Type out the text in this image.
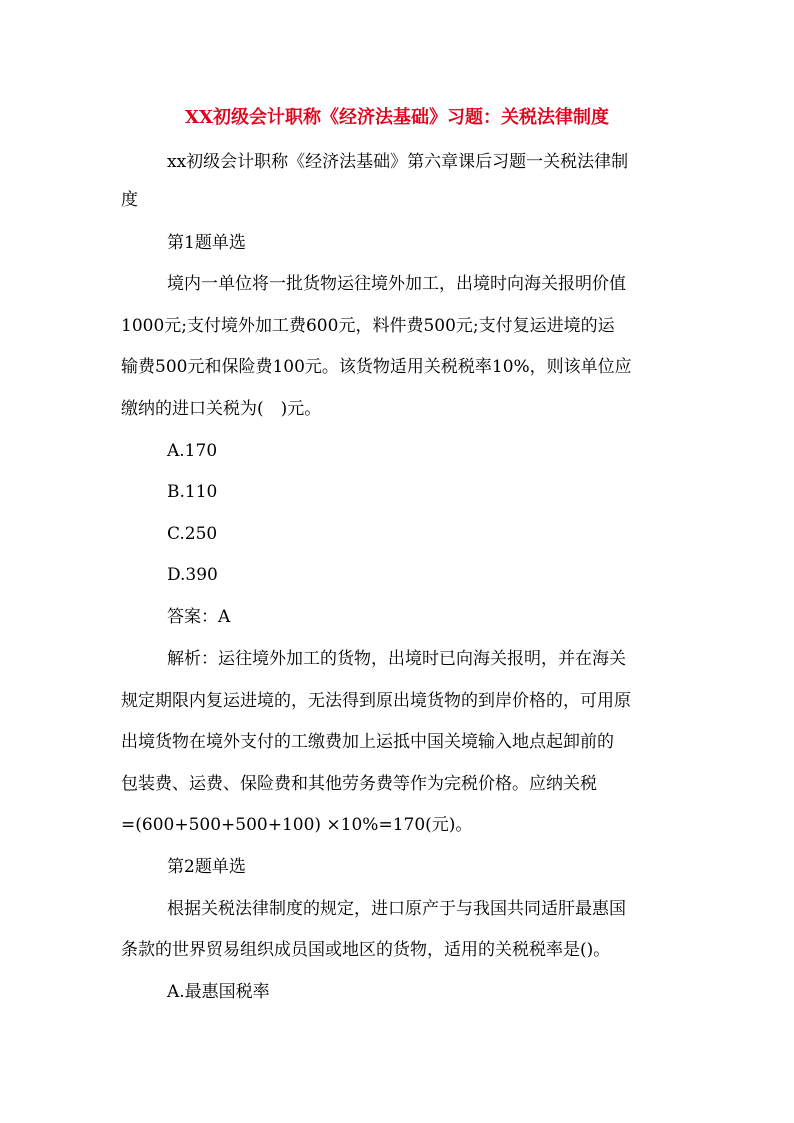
XX初级会计职称《经济法基础》习题：关税法律制度
xx初级会计职称《经济法基础》第六章课后习题一关税法律制
度
第1题单选
境内一单位将一批货物运往境外加工，出境时向海关报明价值
1000元;支付境外加工费600元，料件费500元;支付复运进境的运
输费500元和保险费100元。该货物适用关税税率10%，则该单位应
缴纳的进口关税为(　)元。
A.170
B.110
C.250
D.390
答案：A
解析：运往境外加工的货物，出境时已向海关报明，并在海关
规定期限内复运进境的，无法得到原出境货物的到岸价格的，可用原
出境货物在境外支付的工缴费加上运抵中国关境输入地点起卸前的
包装费、运费、保险费和其他劳务费等作为完税价格。应纳关税
=(600+500+500+100) ×10%=170(元)。
第2题单选
根据关税法律制度的规定，进口原产于与我国共同适肝最惠国
条款的世界贸易组织成员国或地区的货物，适用的关税税率是()。
A.最惠国税率
